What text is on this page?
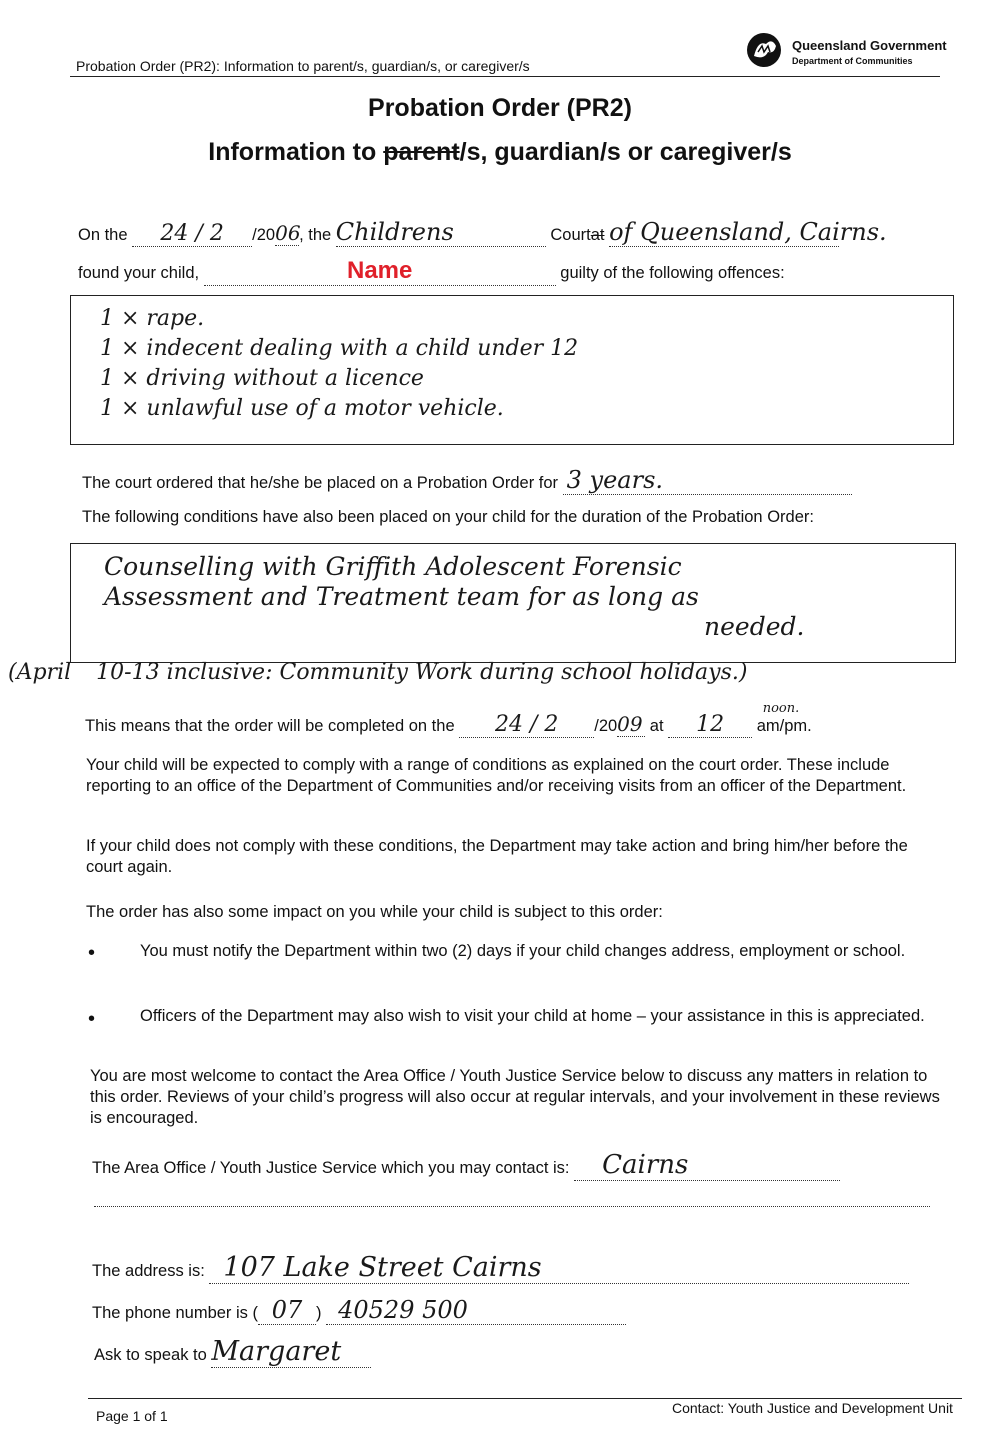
Probation Order (PR2): Information to parent/s, guardian/s, or caregiver/s
Queensland Government
Department of Communities
Probation Order (PR2)
Information to parent/s, guardian/s or caregiver/s
On the 24 / 2 /2006, the Childrens	Courtat of Queensland, Cairns.
found your child,	Name	guilty of the following offences:
1 × rape.
1 × indecent dealing with a child under 12
1 × driving without a licence
1 × unlawful use of a motor vehicle.
The court ordered that he/she be placed on a Probation Order for 3 years.
The following conditions have also been placed on your child for the duration of the Probation Order:
Counselling with Griffith Adolescent Forensic
Assessment and Treatment team for as long as
needed.
(April 10-13 inclusive: Community Work during school holidays.)
This means that the order will be completed on the 24 / 2 /2009 at 12
noon.
am/pm.
Your child will be expected to comply with a range of conditions as explained on the court order. These include reporting to an office of the Department of Communities and/or receiving visits from an officer of the Department.
If your child does not comply with these conditions, the Department may take action and bring him/her before the court again.
The order has also some impact on you while your child is subject to this order:
•	You must notify the Department within two (2) days if your child changes address, employment or school.
•	Officers of the Department may also wish to visit your child at home – your assistance in this is appreciated.
You are most welcome to contact the Area Office / Youth Justice Service below to discuss any matters in relation to this order. Reviews of your child’s progress will also occur at regular intervals, and your involvement in these reviews is encouraged.
The Area Office / Youth Justice Service which you may contact is: Cairns
The address is: 107 Lake Street Cairns
The phone number is ( 07 ) 40529 500
Ask to speak to Margaret
Page 1 of 1	Contact: Youth Justice and Development Unit
